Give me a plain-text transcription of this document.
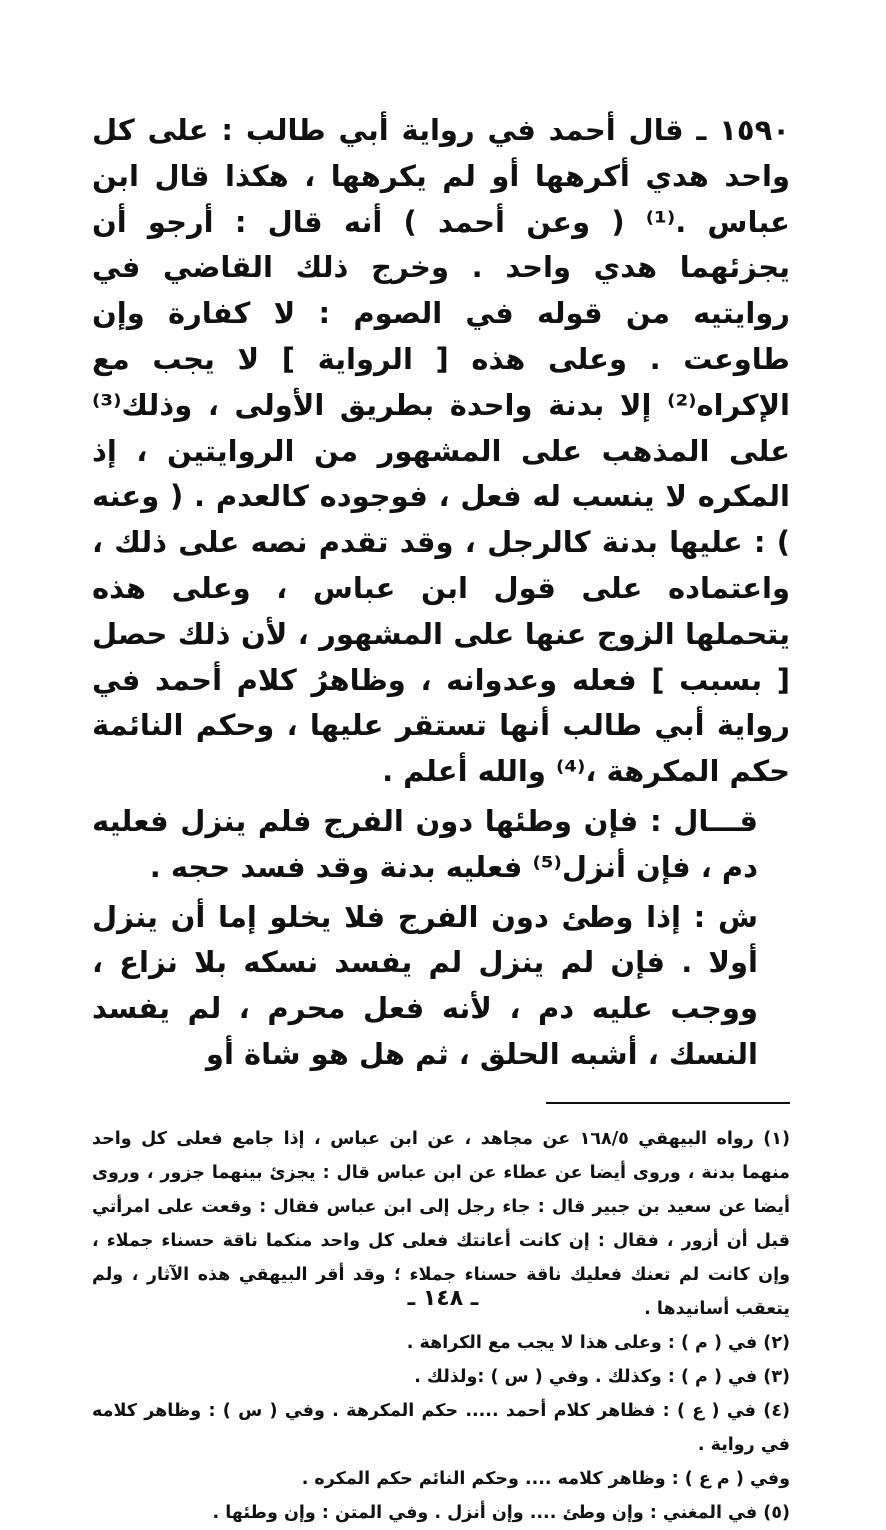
١٥٩٠ ـ قال أحمد في رواية أبي طالب : على كل واحد هدي أكرهها أو لم يكرهها ، هكذا قال ابن عباس .⁽¹⁾ ( وعن أحمد ) أنه قال : أرجو أن يجزئهما هدي واحد . وخرج ذلك القاضي في روايتيه من قوله في الصوم : لا كفارة وإن طاوعت . وعلى هذه [ الرواية ] لا يجب مع الإكراه⁽²⁾ إلا بدنة واحدة بطريق الأولى ، وذلك⁽³⁾ على المذهب على المشهور من الروايتين ، إذ المكره لا ينسب له فعل ، فوجوده كالعدم . ( وعنه ) : عليها بدنة كالرجل ، وقد تقدم نصه على ذلك ، واعتماده على قول ابن عباس ، وعلى هذه يتحملها الزوج عنها على المشهور ، لأن ذلك حصل [ بسبب ] فعله وعدوانه ، وظاهرُ كلام أحمد في رواية أبي طالب أنها تستقر عليها ، وحكم النائمة حكم المكرهة ،⁽⁴⁾ والله أعلم .

قـــال : فإن وطئها دون الفرج فلم ينزل فعليه دم ، فإن أنزل⁽⁵⁾ فعليه بدنة وقد فسد حجه .

ش : إذا وطئ دون الفرج فلا يخلو إما أن ينزل أولا . فإن لم ينزل لم يفسد نسكه بلا نزاع ، ووجب عليه دم ، لأنه فعل محرم ، لم يفسد النسك ، أشبه الحلق ، ثم هل هو شاة أو

(١) رواه البيهقي ١٦٨/٥ عن مجاهد ، عن ابن عباس ، إذا جامع فعلى كل واحد منهما بدنة ، وروى أيضا عن عطاء عن ابن عباس قال : يجزئ بينهما جزور ، وروى أيضا عن سعيد بن جبير قال : جاء رجل إلى ابن عباس فقال : وقعت على امرأتي قبل أن أزور ، فقال : إن كانت أعانتك فعلى كل واحد منكما ناقة حسناء جملاء ، وإن كانت لم تعنك فعليك ناقة حسناء جملاء ؛ وقد أقر البيهقي هذه الآثار ، ولم يتعقب أسانيدها .

(٢) في ( م ) : وعلى هذا لا يجب مع الكراهة .

(٣) في ( م ) : وكذلك . وفي ( س ) :ولذلك .

(٤) في ( ع ) : فظاهر كلام أحمد ..... حكم المكرهة . وفي ( س ) : وظاهر كلامه في رواية .

وفي ( م ع ) : وظاهر كلامه .... وحكم النائم حكم المكره .

(٥) في المغني : وإن وطئ .... وإن أنزل . وفي المتن : وإن وطئها .

ـ ١٤٨ ـ
